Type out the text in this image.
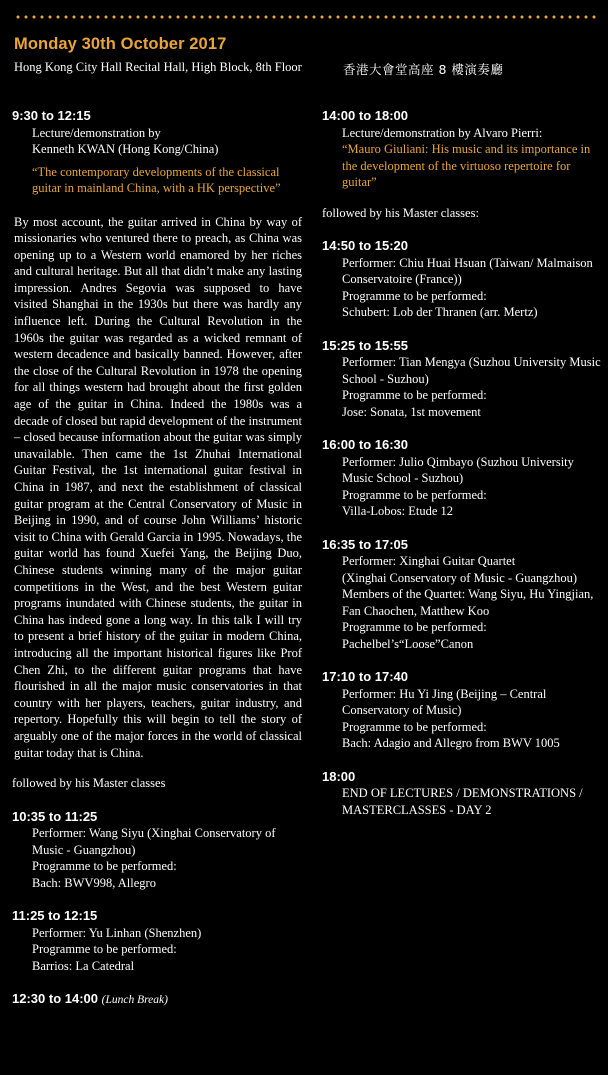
Monday 30th October 2017
Hong Kong City Hall Recital Hall, High Block, 8th Floor	香港大會堂高座 8 樓演奏廳
9:30 to 12:15
Lecture/demonstration by
Kenneth KWAN (Hong Kong/China)
“The contemporary developments of the classical guitar in mainland China, with a HK perspective”
By most account, the guitar arrived in China by way of missionaries who ventured there to preach, as China was opening up to a Western world enamored by her riches and cultural heritage. But all that didn’t make any lasting impression. Andres Segovia was supposed to have visited Shanghai in the 1930s but there was hardly any influence left. During the Cultural Revolution in the 1960s the guitar was regarded as a wicked remnant of western decadence and basically banned. However, after the close of the Cultural Revolution in 1978 the opening for all things western had brought about the first golden age of the guitar in China. Indeed the 1980s was a decade of closed but rapid development of the instrument – closed because information about the guitar was simply unavailable. Then came the 1st Zhuhai International Guitar Festival, the 1st international guitar festival in China in 1987, and next the establishment of classical guitar program at the Central Conservatory of Music in Beijing in 1990, and of course John Williams’ historic visit to China with Gerald Garcia in 1995. Nowadays, the guitar world has found Xuefei Yang, the Beijing Duo, Chinese students winning many of the major guitar competitions in the West, and the best Western guitar programs inundated with Chinese students, the guitar in China has indeed gone a long way. In this talk I will try to present a brief history of the guitar in modern China, introducing all the important historical figures like Prof Chen Zhi, to the different guitar programs that have flourished in all the major music conservatories in that country with her players, teachers, guitar industry, and repertory. Hopefully this will begin to tell the story of arguably one of the major forces in the world of classical guitar today that is China.
followed by his Master classes
10:35 to 11:25
Performer: Wang Siyu (Xinghai Conservatory of Music - Guangzhou)
Programme to be performed:
Bach: BWV998, Allegro
11:25 to 12:15
Performer: Yu Linhan (Shenzhen)
Programme to be performed:
Barrios: La Catedral
12:30 to 14:00 (Lunch Break)
14:00 to 18:00
Lecture/demonstration by Alvaro Pierri:
“Mauro Giuliani: His music and its importance in the development of the virtuoso repertoire for guitar”
followed by his Master classes:
14:50 to 15:20
Performer: Chiu Huai Hsuan (Taiwan/ Malmaison
Conservatoire (France))
Programme to be performed:
Schubert: Lob der Thranen (arr. Mertz)
15:25 to 15:55
Performer: Tian Mengya (Suzhou University Music School - Suzhou)
Programme to be performed:
Jose: Sonata, 1st movement
16:00 to 16:30
Performer: Julio Qimbayo (Suzhou University Music School - Suzhou)
Programme to be performed:
Villa-Lobos: Etude 12
16:35 to 17:05
Performer: Xinghai Guitar Quartet
(Xinghai Conservatory of Music - Guangzhou)
Members of the Quartet: Wang Siyu, Hu Yingjian,
Fan Chaochen, Matthew Koo
Programme to be performed:
Pachelbel’s“Loose”Canon
17:10 to 17:40
Performer: Hu Yi Jing (Beijing – Central Conservatory of Music)
Programme to be performed:
Bach: Adagio and Allegro from BWV 1005
18:00
END OF LECTURES / DEMONSTRATIONS / MASTERCLASSES - DAY 2
